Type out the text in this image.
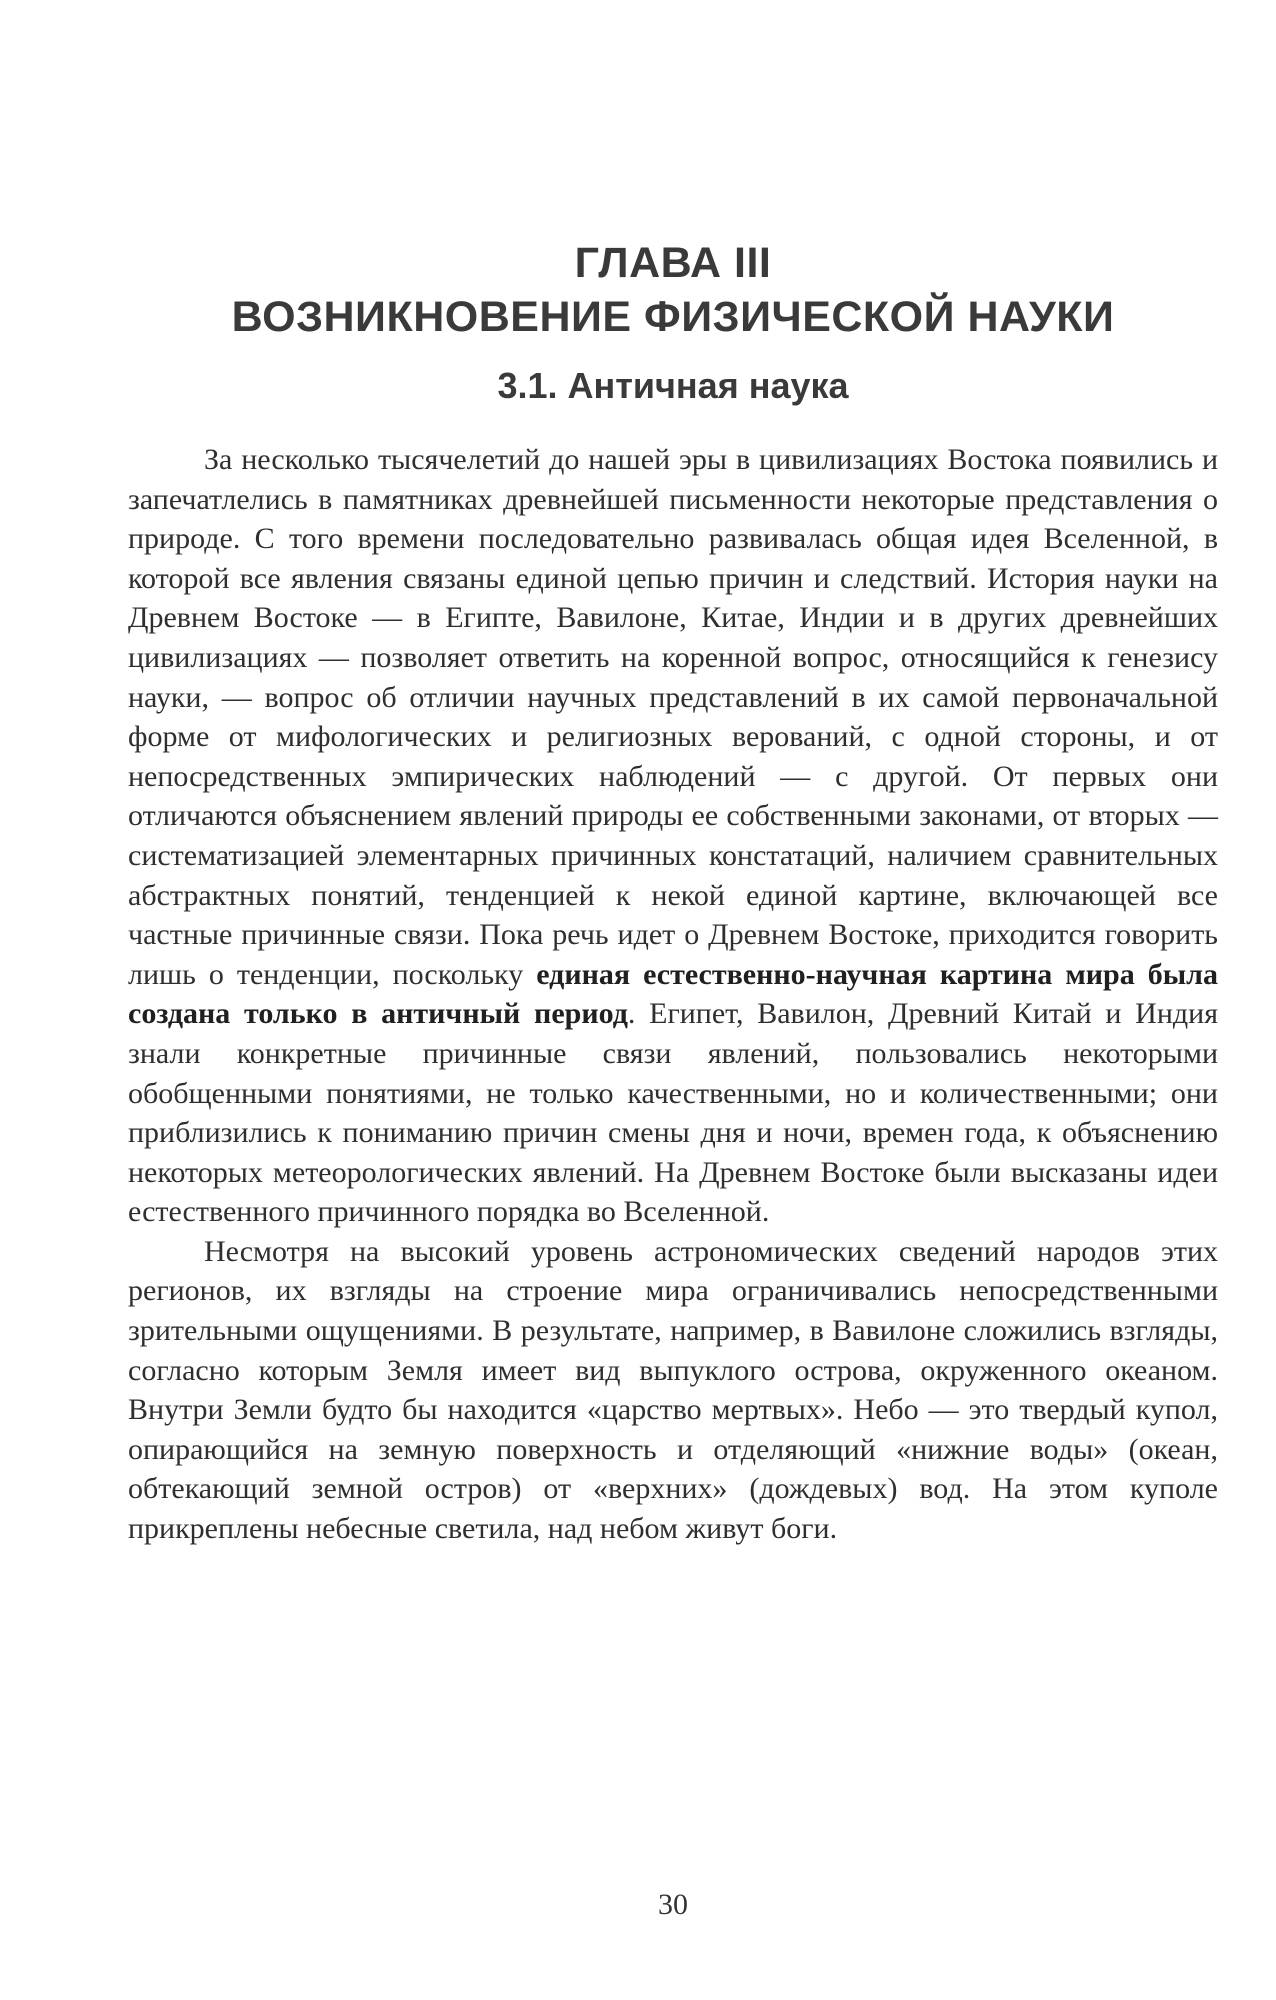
ГЛАВА III
ВОЗНИКНОВЕНИЕ ФИЗИЧЕСКОЙ НАУКИ
3.1. Античная наука

За несколько тысячелетий до нашей эры в цивилизациях Востока появились и запечатлелись в памятниках древнейшей письменности некоторые представления о природе. С того времени последовательно развивалась общая идея Вселенной, в которой все явления связаны единой цепью причин и следствий. История науки на Древнем Востоке — в Египте, Вавилоне, Китае, Индии и в других древнейших цивилизациях — позволяет ответить на коренной вопрос, относящийся к генезису науки, — вопрос об отличии научных представлений в их самой первоначальной форме от мифологических и религиозных верований, с одной стороны, и от непосредственных эмпирических наблюдений — с другой. От первых они отличаются объяснением явлений природы ее собственными законами, от вторых — систематизацией элементарных причинных констатаций, наличием сравнительных абстрактных понятий, тенденцией к некой единой картине, включающей все частные причинные связи. Пока речь идет о Древнем Востоке, приходится говорить лишь о тенденции, поскольку единая естественно-научная картина мира была создана только в античный период. Египет, Вавилон, Древний Китай и Индия знали конкретные причинные связи явлений, пользовались некоторыми обобщенными понятиями, не только качественными, но и количественными; они приблизились к пониманию причин смены дня и ночи, времен года, к объяснению некоторых метеорологических явлений. На Древнем Востоке были высказаны идеи естественного причинного порядка во Вселенной.

Несмотря на высокий уровень астрономических сведений народов этих регионов, их взгляды на строение мира ограничивались непосредственными зрительными ощущениями. В результате, например, в Вавилоне сложились взгляды, согласно которым Земля имеет вид выпуклого острова, окруженного океаном. Внутри Земли будто бы находится «царство мертвых». Небо — это твердый купол, опирающийся на земную поверхность и отделяющий «нижние воды» (океан, обтекающий земной остров) от «верхних» (дождевых) вод. На этом куполе прикреплены небесные светила, над небом живут боги.

30
